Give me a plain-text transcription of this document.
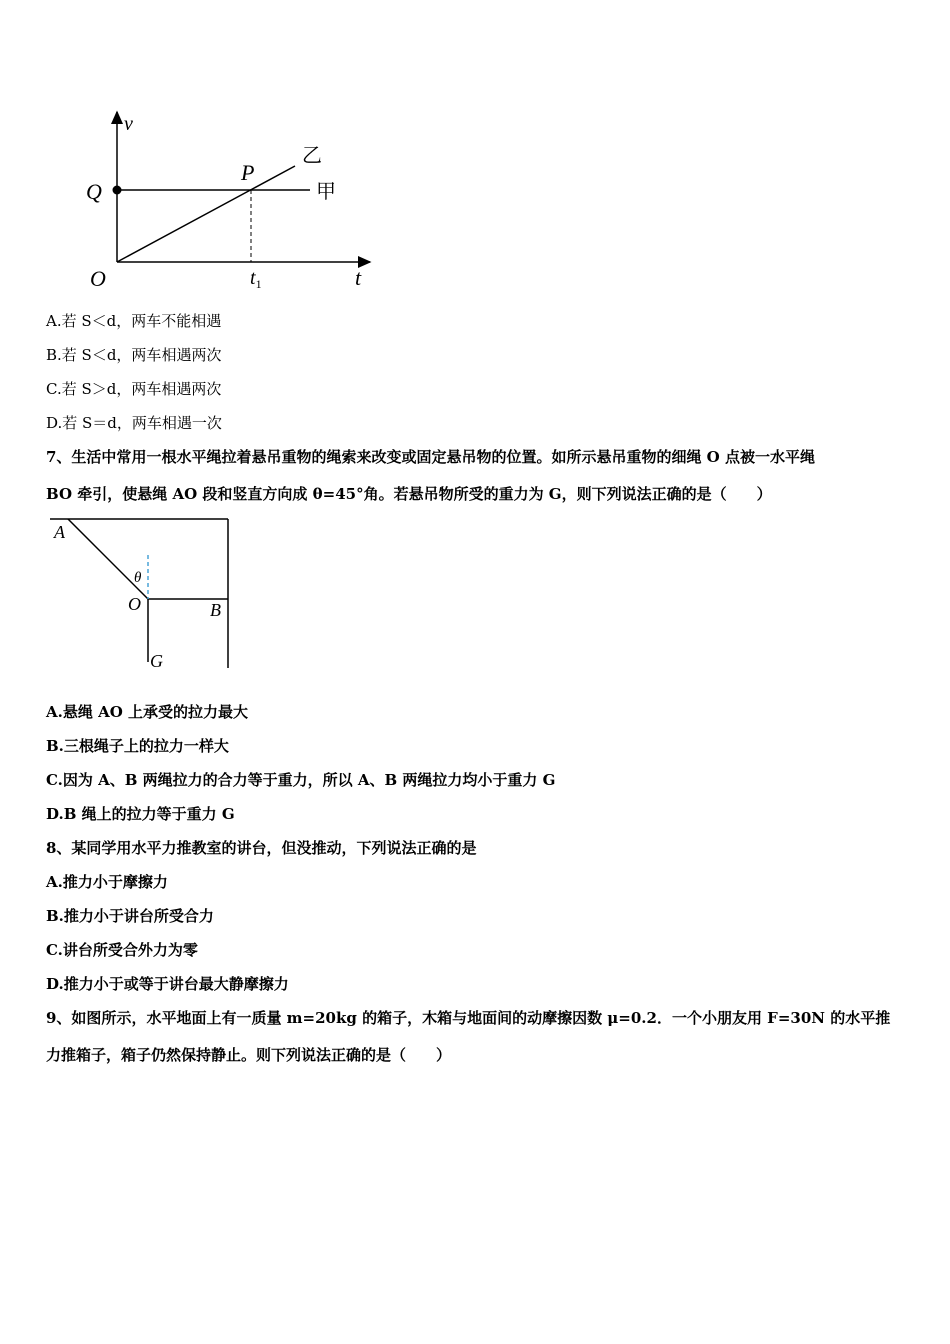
v
t
O
Q
P
甲
乙
$t_1$
A.若 S＜d，两车不能相遇
B.若 S＜d，两车相遇两次
C.若 S＞d，两车相遇两次
D.若 S＝d，两车相遇一次
7、生活中常用一根水平绳拉着悬吊重物的绳索来改变或固定悬吊物的位置。如所示悬吊重物的细绳 O 点被一水平绳
BO 牵引，使悬绳 AO 段和竖直方向成 θ=45°角。若悬吊物所受的重力为 G，则下列说法正确的是（　　）
A
θ
O	B
G
A.悬绳 AO 上承受的拉力最大
B.三根绳子上的拉力一样大
C.因为 A、B 两绳拉力的合力等于重力，所以 A、B 两绳拉力均小于重力 G
D.B 绳上的拉力等于重力 G
8、某同学用水平力推教室的讲台，但没推动，下列说法正确的是
A.推力小于摩擦力
B.推力小于讲台所受合力
C.讲台所受合外力为零
D.推力小于或等于讲台最大静摩擦力
9、如图所示，水平地面上有一质量 m=20kg 的箱子，木箱与地面间的动摩擦因数 μ=0.2．一个小朋友用 F=30N 的水平推
力推箱子，箱子仍然保持静止。则下列说法正确的是（　　）
